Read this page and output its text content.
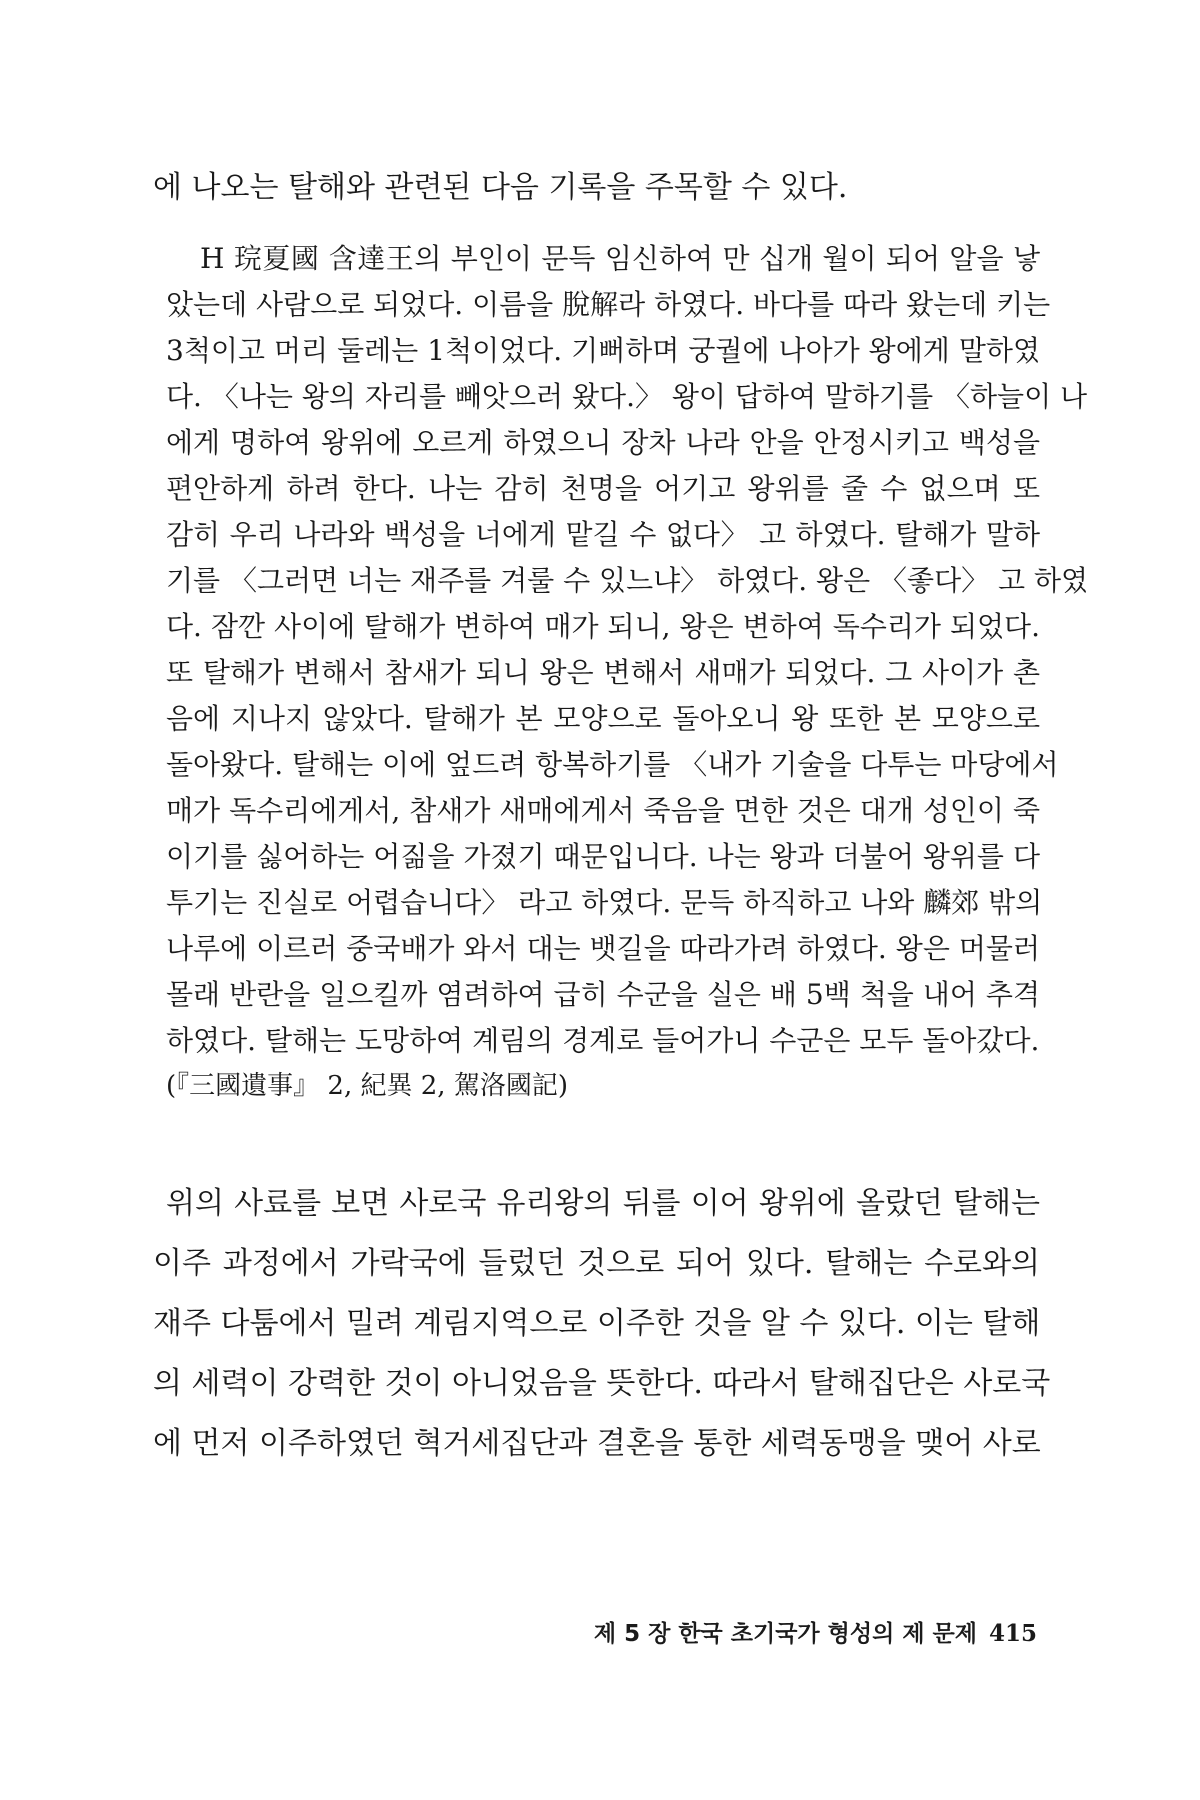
에 나오는 탈해와 관련된 다음 기록을 주목할 수 있다.
H 琓夏國 含達王의 부인이 문득 임신하여 만 십개 월이 되어 알을 낳
았는데 사람으로 되었다. 이름을 脫解라 하였다. 바다를 따라 왔는데 키는
3척이고 머리 둘레는 1척이었다. 기뻐하며 궁궐에 나아가 왕에게 말하였
다. 〈나는 왕의 자리를 빼앗으러 왔다.〉 왕이 답하여 말하기를 〈하늘이 나
에게 명하여 왕위에 오르게 하였으니 장차 나라 안을 안정시키고 백성을
편안하게 하려 한다. 나는 감히 천명을 어기고 왕위를 줄 수 없으며 또
감히 우리 나라와 백성을 너에게 맡길 수 없다〉 고 하였다. 탈해가 말하
기를 〈그러면 너는 재주를 겨룰 수 있느냐〉 하였다. 왕은 〈좋다〉 고 하였
다. 잠깐 사이에 탈해가 변하여 매가 되니, 왕은 변하여 독수리가 되었다.
또 탈해가 변해서 참새가 되니 왕은 변해서 새매가 되었다. 그 사이가 촌
음에 지나지 않았다. 탈해가 본 모양으로 돌아오니 왕 또한 본 모양으로
돌아왔다. 탈해는 이에 엎드려 항복하기를 〈내가 기술을 다투는 마당에서
매가 독수리에게서, 참새가 새매에게서 죽음을 면한 것은 대개 성인이 죽
이기를 싫어하는 어짊을 가졌기 때문입니다. 나는 왕과 더불어 왕위를 다
투기는 진실로 어렵습니다〉 라고 하였다. 문득 하직하고 나와 麟郊 밖의
나루에 이르러 중국배가 와서 대는 뱃길을 따라가려 하였다. 왕은 머물러
몰래 반란을 일으킬까 염려하여 급히 수군을 실은 배 5백 척을 내어 추격
하였다. 탈해는 도망하여 계림의 경계로 들어가니 수군은 모두 돌아갔다.
(『三國遺事』 2, 紀異 2, 駕洛國記)
위의 사료를 보면 사로국 유리왕의 뒤를 이어 왕위에 올랐던 탈해는
이주 과정에서 가락국에 들렀던 것으로 되어 있다. 탈해는 수로와의
재주 다툼에서 밀려 계림지역으로 이주한 것을 알 수 있다. 이는 탈해
의 세력이 강력한 것이 아니었음을 뜻한다. 따라서 탈해집단은 사로국
에 먼저 이주하였던 혁거세집단과 결혼을 통한 세력동맹을 맺어 사로
제 5 장 한국 초기국가 형성의 제 문제 415
